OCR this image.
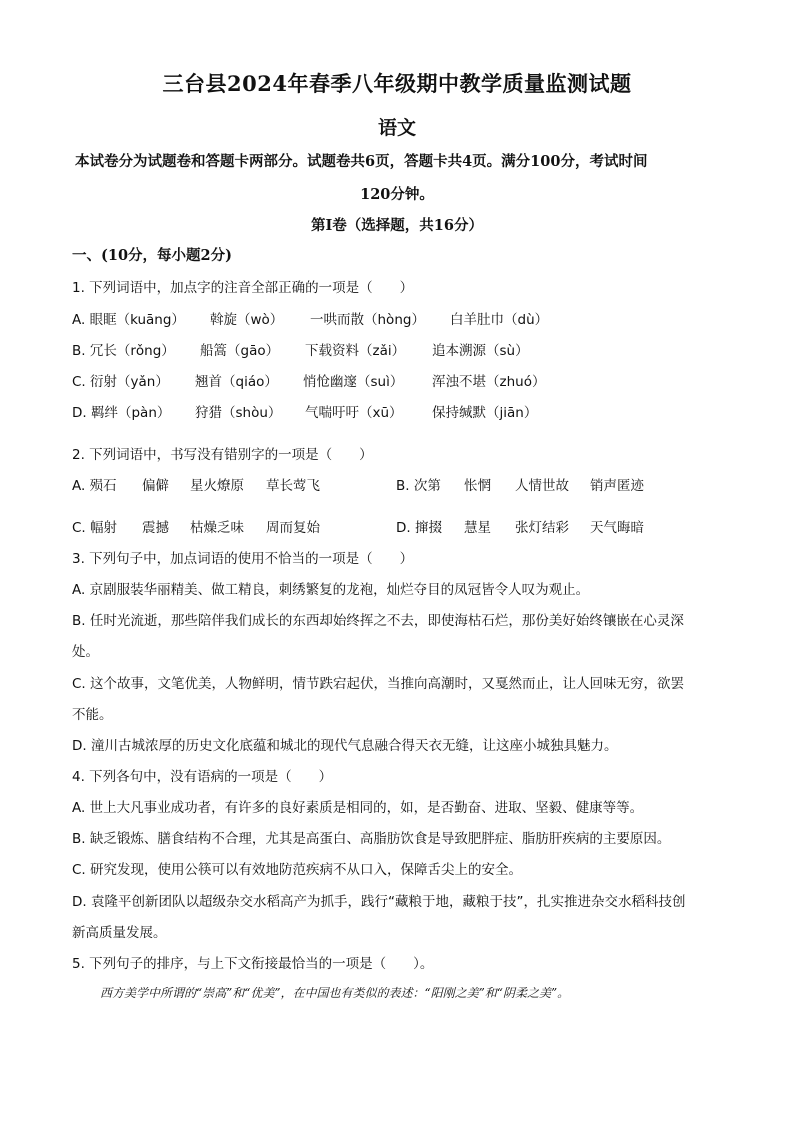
三台县2024年春季八年级期中教学质量监测试题
语文
本试卷分为试题卷和答题卡两部分。试题卷共6页，答题卡共4页。满分100分，考试时间
120分钟。
第Ⅰ卷（选择题，共16分）
一、(10分，每小题2分)
1. 下列词语中，加点字的注音全部正确的一项是（　　）
A. 眼眶（kuāng） 斡旋（wò） 一哄而散（hòng） 白羊肚巾（dù）
B. 冗长（rǒng） 船篙（gāo） 下载资料（zǎi） 追本溯源（sù）
C. 衍射（yǎn） 翘首（qiáo） 悄怆幽邃（suì） 浑浊不堪（zhuó）
D. 羁绊（pàn） 狩猎（shòu） 气喘吁吁（xū） 保持缄默（jiān）
2. 下列词语中，书写没有错别字的一项是（　　）
A. 殒石 偏僻 星火燎原 草长莺飞	B. 次第 怅惘 人情世故 销声匿迹
C. 幅射 震撼 枯燥乏味 周而复始	D. 撺掇 慧星 张灯结彩 天气晦暗
3. 下列句子中，加点词语的使用不恰当的一项是（　　）
A. 京剧服装华丽精美、做工精良，刺绣繁复的龙袍，灿烂夺目的凤冠皆令人叹为观止。
B. 任时光流逝，那些陪伴我们成长的东西却始终挥之不去，即使海枯石烂，那份美好始终镶嵌在心灵深
处。
C. 这个故事，文笔优美，人物鲜明，情节跌宕起伏，当推向高潮时，又戛然而止，让人回味无穷，欲罢
不能。
D. 潼川古城浓厚的历史文化底蕴和城北的现代气息融合得天衣无缝，让这座小城独具魅力。
4. 下列各句中，没有语病的一项是（　　）
A. 世上大凡事业成功者，有许多的良好素质是相同的，如，是否勤奋、进取、坚毅、健康等等。
B. 缺乏锻炼、膳食结构不合理，尤其是高蛋白、高脂肪饮食是导致肥胖症、脂肪肝疾病的主要原因。
C. 研究发现，使用公筷可以有效地防范疾病不从口入，保障舌尖上的安全。
D. 袁隆平创新团队以超级杂交水稻高产为抓手，践行“藏粮于地，藏粮于技”，扎实推进杂交水稻科技创
新高质量发展。
5. 下列句子的排序，与上下文衔接最恰当的一项是（　　）。
西方美学中所谓的“崇高”和“优美”，在中国也有类似的表述：“阳刚之美”和“阴柔之美”。
